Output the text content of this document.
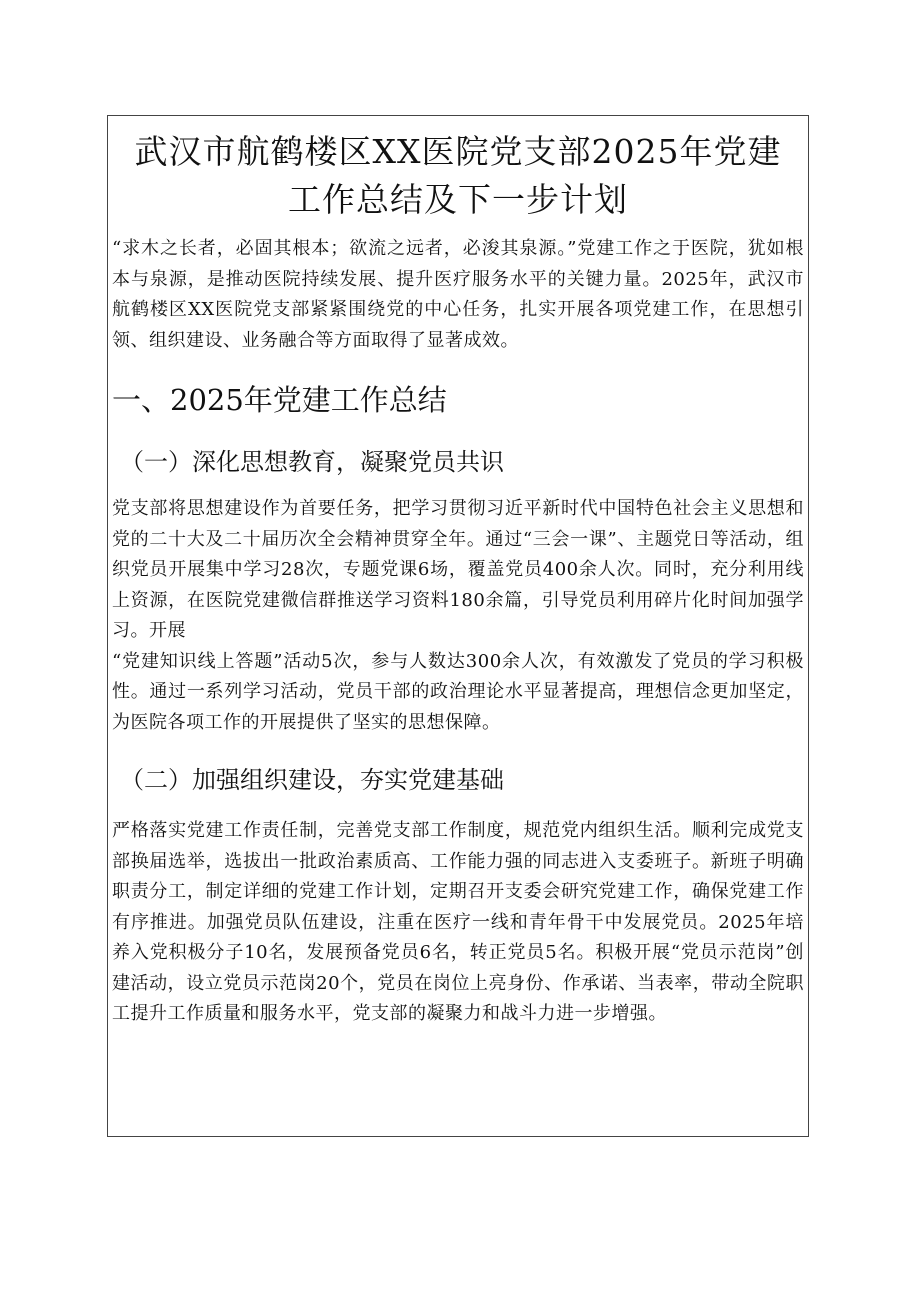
武汉市航鹤楼区XX医院党支部2025年党建
工作总结及下一步计划

“求木之长者，必固其根本；欲流之远者，必浚其泉源。”党建工作之于医院，犹如根本与泉源，是推动医院持续发展、提升医疗服务水平的关键力量。2025年，武汉市航鹤楼区XX医院党支部紧紧围绕党的中心任务，扎实开展各项党建工作，在思想引领、组织建设、业务融合等方面取得了显著成效。

一、2025年党建工作总结
（一）深化思想教育，凝聚党员共识

党支部将思想建设作为首要任务，把学习贯彻习近平新时代中国特色社会主义思想和党的二十大及二十届历次全会精神贯穿全年。通过“三会一课”、主题党日等活动，组织党员开展集中学习28次，专题党课6场，覆盖党员400余人次。同时，充分利用线上资源，在医院党建微信群推送学习资料180余篇，引导党员利用碎片化时间加强学习。开展

“党建知识线上答题”活动5次，参与人数达300余人次，有效激发了党员的学习积极性。通过一系列学习活动，党员干部的政治理论水平显著提高，理想信念更加坚定，为医院各项工作的开展提供了坚实的思想保障。

（二）加强组织建设，夯实党建基础

严格落实党建工作责任制，完善党支部工作制度，规范党内组织生活。顺利完成党支部换届选举，选拔出一批政治素质高、工作能力强的同志进入支委班子。新班子明确职责分工，制定详细的党建工作计划，定期召开支委会研究党建工作，确保党建工作有序推进。加强党员队伍建设，注重在医疗一线和青年骨干中发展党员。2025年培养入党积极分子10名，发展预备党员6名，转正党员5名。积极开展“党员示范岗”创建活动，设立党员示范岗20个，党员在岗位上亮身份、作承诺、当表率，带动全院职工提升工作质量和服务水平，党支部的凝聚力和战斗力进一步增强。
